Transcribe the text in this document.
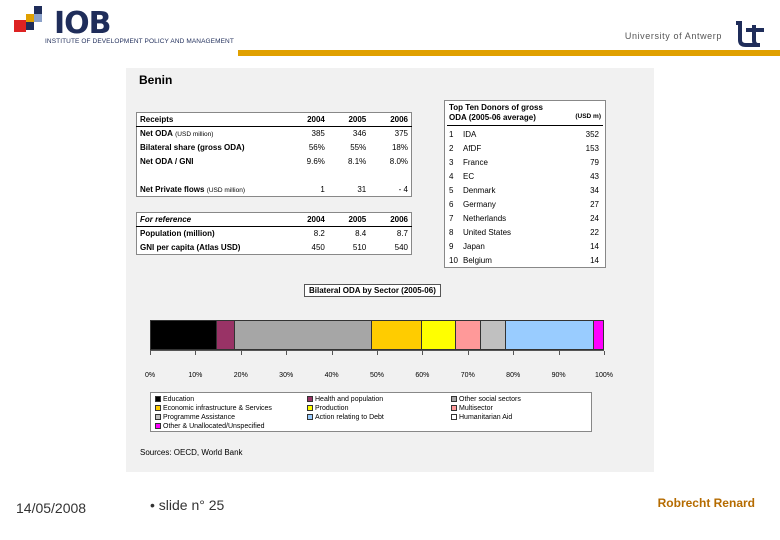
IOB
INSTITUTE OF DEVELOPMENT POLICY AND MANAGEMENT
University of Antwerp
Benin
Receipts	2004	2005	2006
Net ODA (USD million)	385	346	375
Bilateral share (gross ODA)	56%	55%	18%
Net ODA / GNI	9.6%	8.1%	8.0%

Net Private flows (USD million)	1	31	- 4
For reference	2004	2005	2006
Population (million)	8.2	8.4	8.7
GNI per capita (Atlas USD)	450	510	540
Top Ten Donors of gross ODA (2005-06 average)	(USD m)
1 IDA	352
2 AfDF	153
3 France	79
4 EC	43
5 Denmark	34
6 Germany	27
7 Netherlands	24
8 United States	22
9 Japan	14
10 Belgium	14
Bilateral ODA by Sector (2005-06)
0%	10%	20%	30%	40%	50%	60%	70%	80%	90%	100%
Education	Health and population	Other social sectors
Economic infrastructure & Services	Production	Multisector
Programme Assistance	Action relating to Debt	Humanitarian Aid
Other & Unallocated/Unspecified
Sources: OECD, World Bank
14/05/2008	• slide n° 25	Robrecht Renard
